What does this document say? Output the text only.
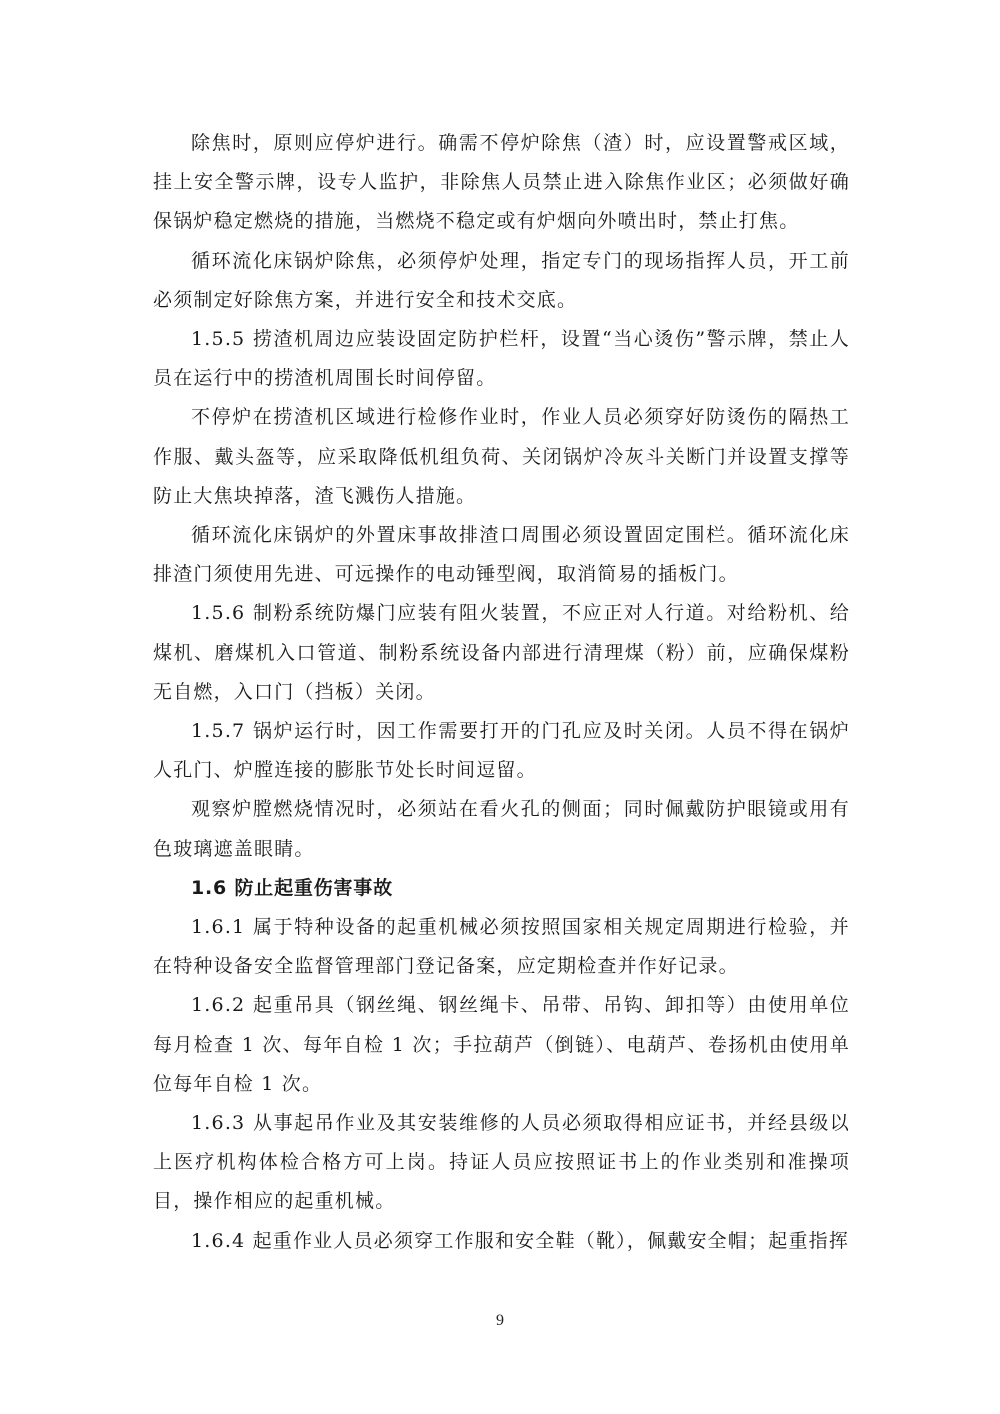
除焦时，原则应停炉进行。确需不停炉除焦（渣）时，应设置警戒区域，挂上安全警示牌，设专人监护，非除焦人员禁止进入除焦作业区；必须做好确保锅炉稳定燃烧的措施，当燃烧不稳定或有炉烟向外喷出时，禁止打焦。

循环流化床锅炉除焦，必须停炉处理，指定专门的现场指挥人员，开工前必须制定好除焦方案，并进行安全和技术交底。

1.5.5 捞渣机周边应装设固定防护栏杆，设置“当心烫伤”警示牌，禁止人员在运行中的捞渣机周围长时间停留。

不停炉在捞渣机区域进行检修作业时，作业人员必须穿好防烫伤的隔热工作服、戴头盔等，应采取降低机组负荷、关闭锅炉冷灰斗关断门并设置支撑等防止大焦块掉落，渣飞溅伤人措施。

循环流化床锅炉的外置床事故排渣口周围必须设置固定围栏。循环流化床排渣门须使用先进、可远操作的电动锤型阀，取消简易的插板门。

1.5.6 制粉系统防爆门应装有阻火装置，不应正对人行道。对给粉机、给煤机、磨煤机入口管道、制粉系统设备内部进行清理煤（粉）前，应确保煤粉无自燃，入口门（挡板）关闭。

1.5.7 锅炉运行时，因工作需要打开的门孔应及时关闭。人员不得在锅炉人孔门、炉膛连接的膨胀节处长时间逗留。

观察炉膛燃烧情况时，必须站在看火孔的侧面；同时佩戴防护眼镜或用有色玻璃遮盖眼睛。

1.6 防止起重伤害事故

1.6.1 属于特种设备的起重机械必须按照国家相关规定周期进行检验，并在特种设备安全监督管理部门登记备案，应定期检查并作好记录。

1.6.2 起重吊具（钢丝绳、钢丝绳卡、吊带、吊钩、卸扣等）由使用单位每月检查 1 次、每年自检 1 次；手拉葫芦（倒链）、电葫芦、卷扬机由使用单位每年自检 1 次。

1.6.3 从事起吊作业及其安装维修的人员必须取得相应证书，并经县级以上医疗机构体检合格方可上岗。持证人员应按照证书上的作业类别和准操项目，操作相应的起重机械。

1.6.4 起重作业人员必须穿工作服和安全鞋（靴），佩戴安全帽；起重指挥

9
